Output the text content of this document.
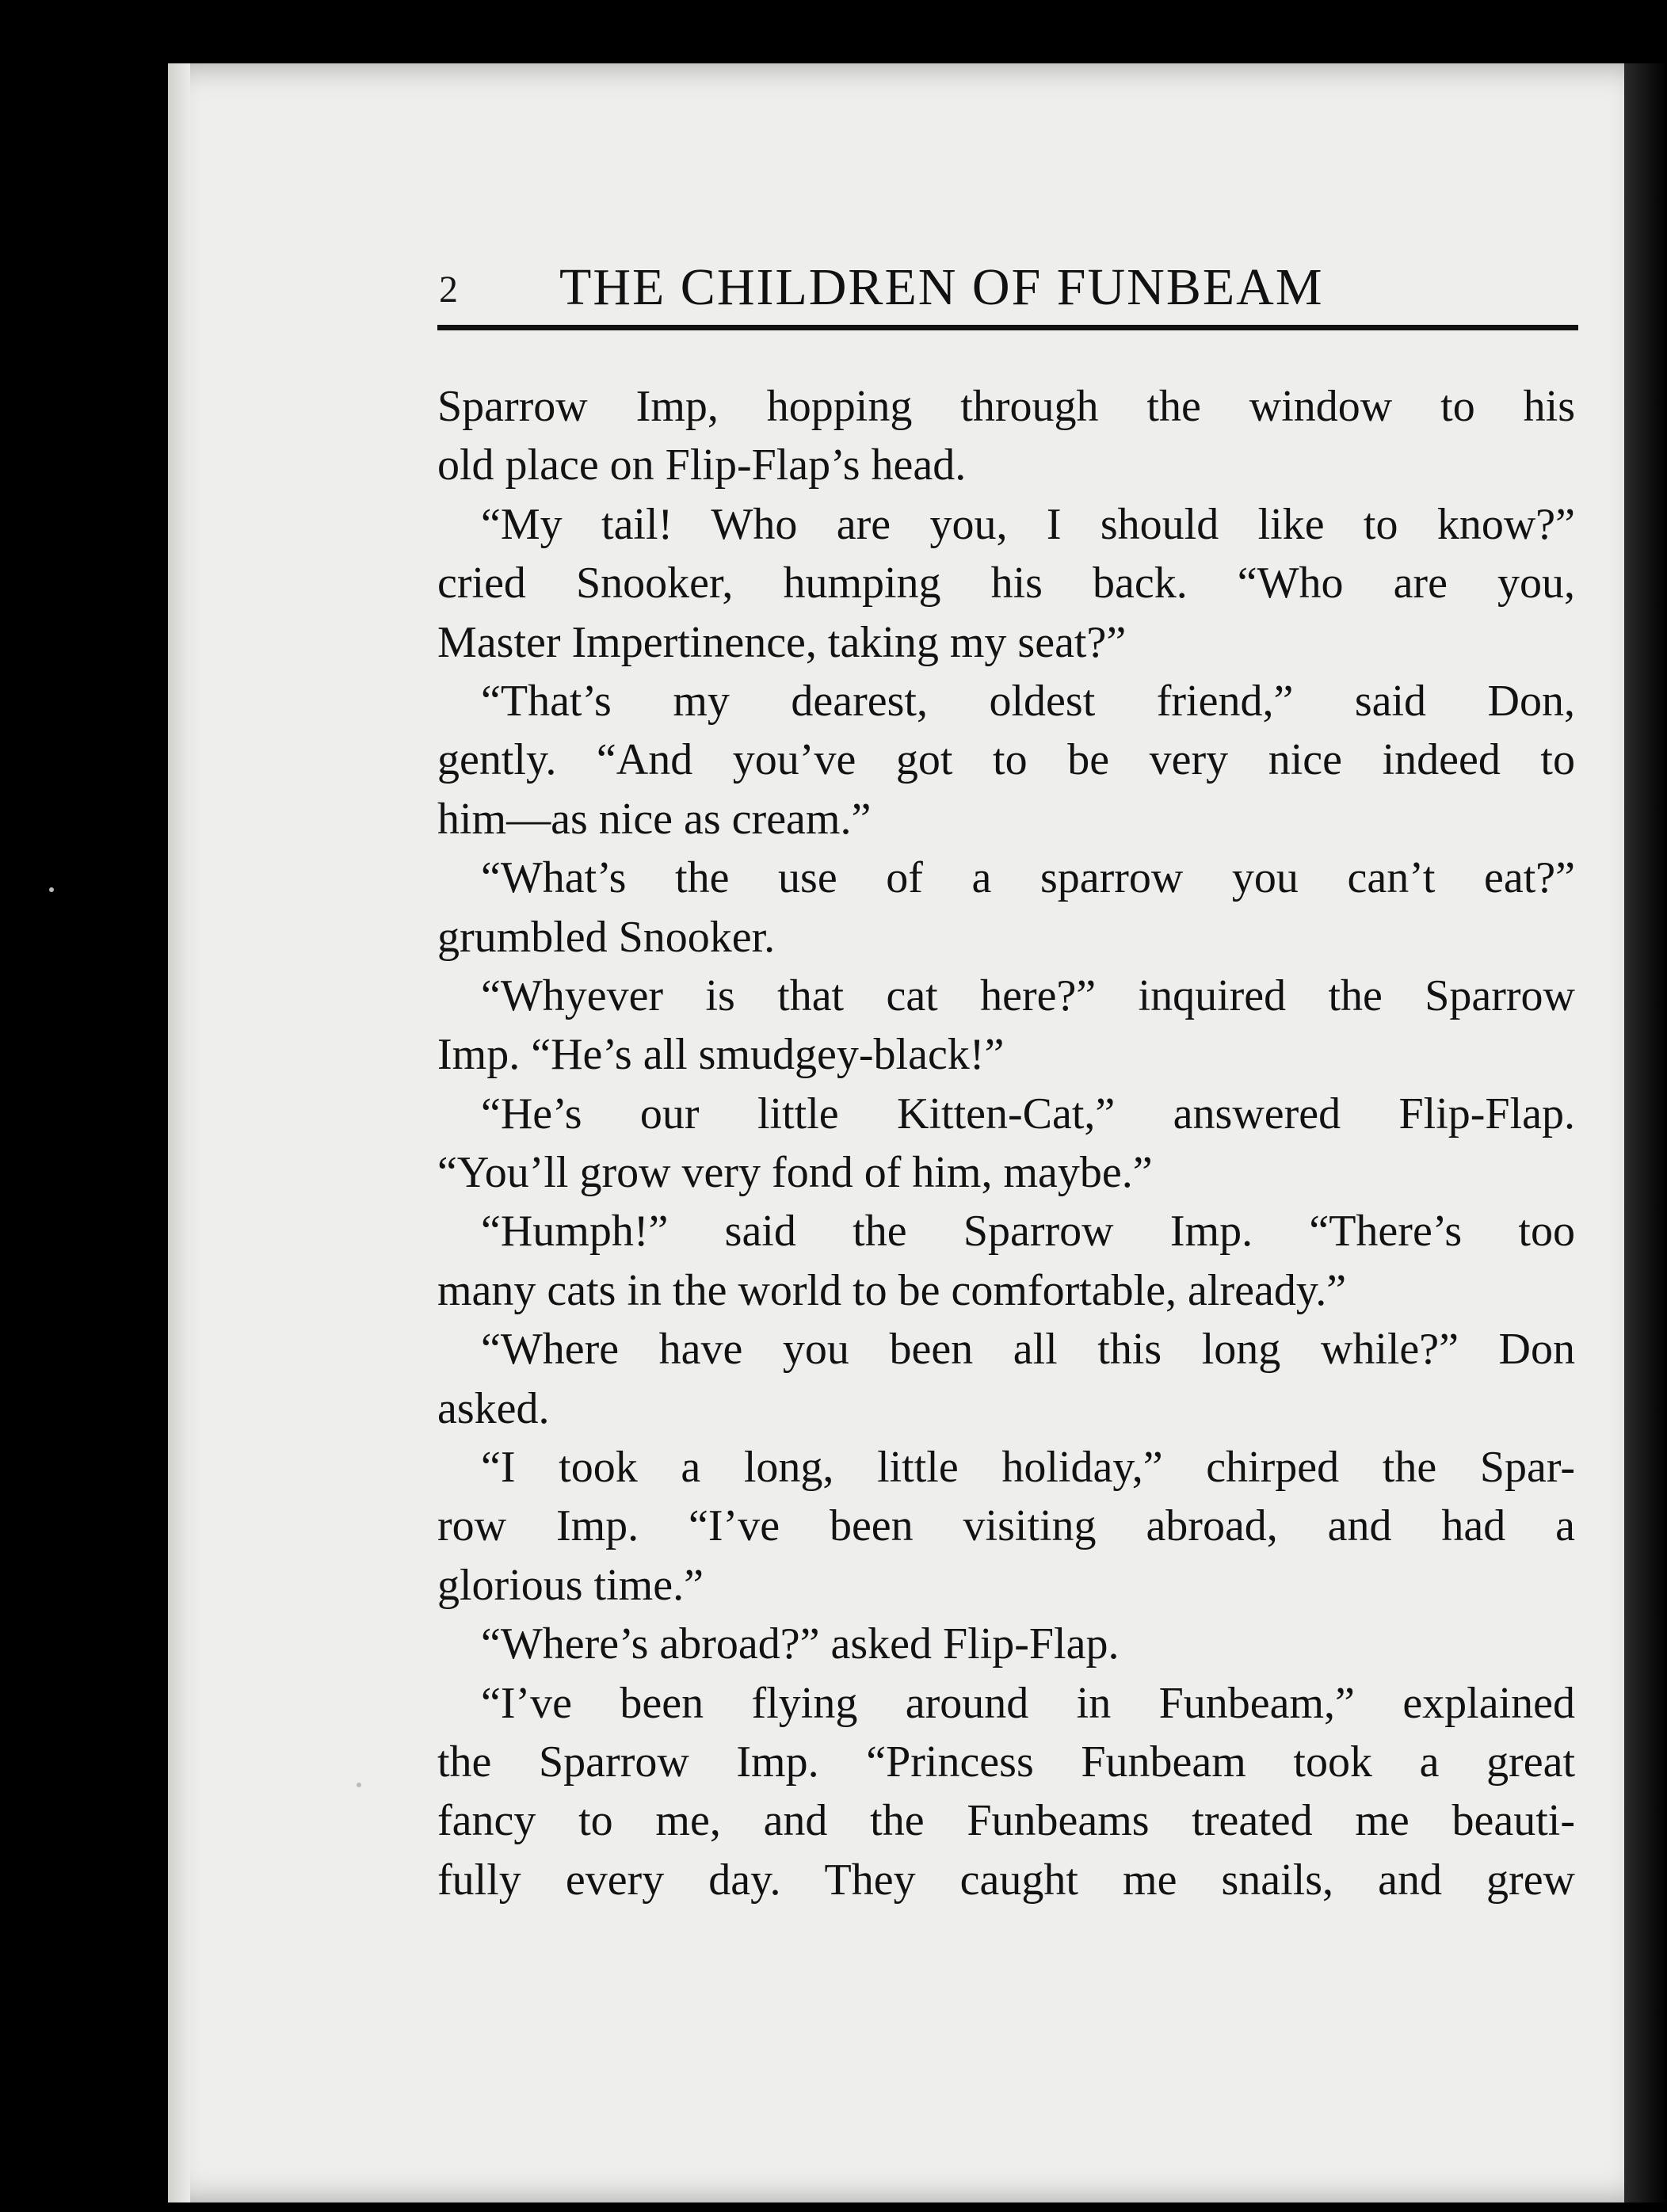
2 THE CHILDREN OF FUNBEAM
Sparrow Imp, hopping through the window to his
old place on Flip-Flap’s head.
“My tail! Who are you, I should like to know?”
cried Snooker, humping his back. “Who are you,
Master Impertinence, taking my seat?”
“That’s my dearest, oldest friend,” said Don,
gently. “And you’ve got to be very nice indeed to
him—as nice as cream.”
“What’s the use of a sparrow you can’t eat?”
grumbled Snooker.
“Whyever is that cat here?” inquired the Sparrow
Imp. “He’s all smudgey-black!”
“He’s our little Kitten-Cat,” answered Flip-Flap.
“You’ll grow very fond of him, maybe.”
“Humph!” said the Sparrow Imp. “There’s too
many cats in the world to be comfortable, already.”
“Where have you been all this long while?” Don
asked.
“I took a long, little holiday,” chirped the Spar-
row Imp. “I’ve been visiting abroad, and had a
glorious time.”
“Where’s abroad?” asked Flip-Flap.
“I’ve been flying around in Funbeam,” explained
the Sparrow Imp. “Princess Funbeam took a great
fancy to me, and the Funbeams treated me beauti-
fully every day. They caught me snails, and grew
